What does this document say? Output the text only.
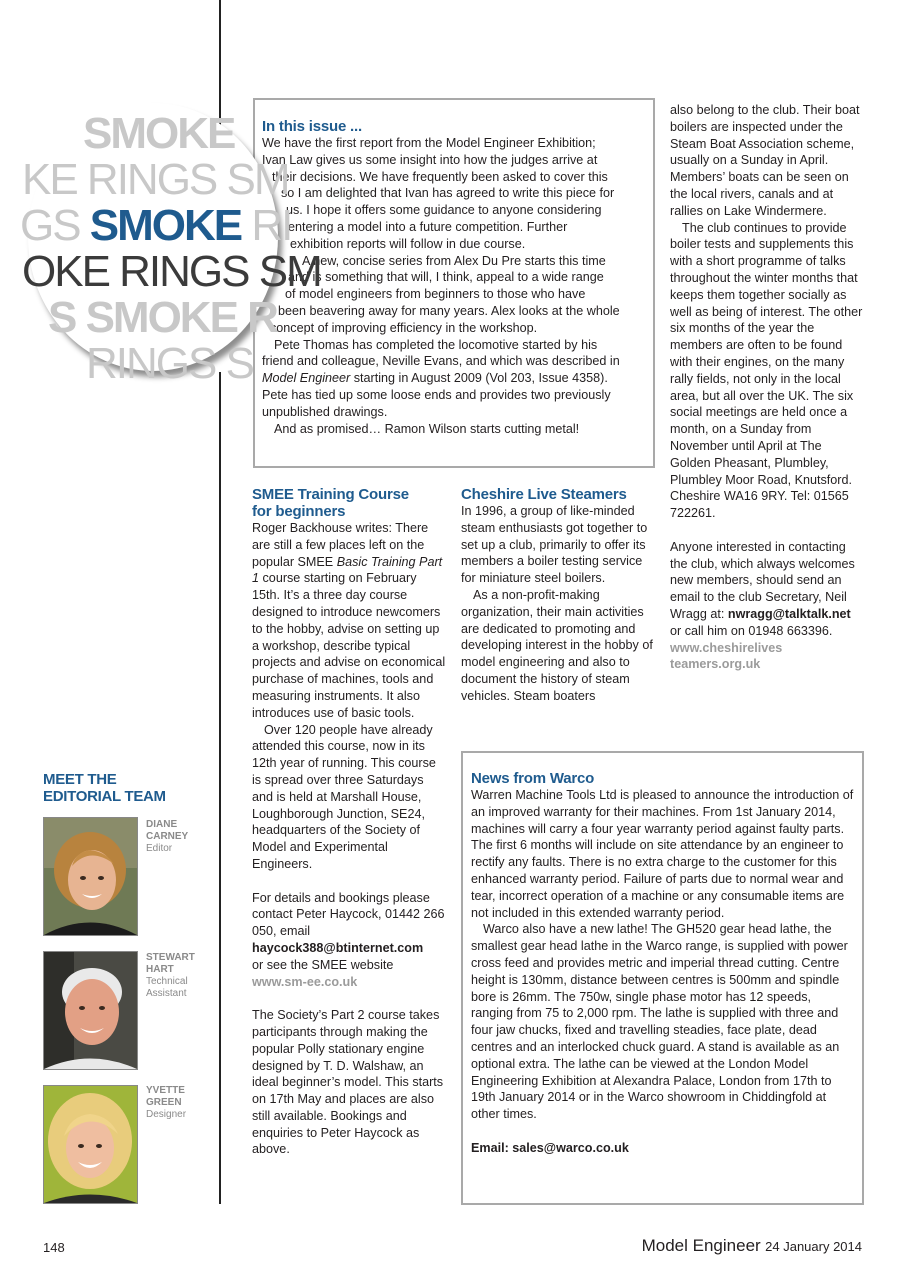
In this issue ...
We have the first report from the Model Engineer Exhibition;
Ivan Law gives us some insight into how the judges arrive at
their decisions. We have frequently been asked to cover this
so I am delighted that Ivan has agreed to write this piece for
us. I hope it offers some guidance to anyone considering
entering a model into a future competition. Further
exhibition reports will follow in due course.
A new, concise series from Alex Du Pre starts this time
and is something that will, I think, appeal to a wide range
of model engineers from beginners to those who have
been beavering away for many years. Alex looks at the whole
concept of improving efficiency in the workshop.
Pete Thomas has completed the locomotive started by his
friend and colleague, Neville Evans, and which was described in
Model Engineer starting in August 2009 (Vol 203, Issue 4358).
Pete has tied up some loose ends and provides two previously
unpublished drawings.
And as promised… Ramon Wilson starts cutting metal!
SMOKE
KE RINGS SM
GS SMOKE RI
OKE RINGS SM
S SMOKE R
RINGS S
SMEE Training Course
for beginners

Roger Backhouse writes: There are still a few places left on the popular SMEE Basic Training Part 1 course starting on February 15th. It’s a three day course designed to introduce newcomers to the hobby, advise on setting up a workshop, describe typical projects and advise on economical purchase of machines, tools and measuring instruments. It also introduces use of basic tools.

Over 120 people have already attended this course, now in its 12th year of running. This course is spread over three Saturdays and is held at Marshall House, Loughborough Junction, SE24, headquarters of the Society of Model and Experimental Engineers.

For details and bookings please contact Peter Haycock, 01442 266 050, email

haycock388@btinternet.com

or see the SMEE website

www.sm-ee.co.uk

The Society’s Part 2 course takes participants through making the popular Polly stationary engine designed by T. D. Walshaw, an ideal beginner’s model. This starts on 17th May and places are also still available. Bookings and enquiries to Peter Haycock as above.

Cheshire Live Steamers

In 1996, a group of like-minded steam enthusiasts got together to set up a club, primarily to offer its members a boiler testing service for miniature steel boilers.

As a non-profit-making organization, their main activities are dedicated to promoting and developing interest in the hobby of model engineering and also to document the history of steam vehicles. Steam boaters

also belong to the club. Their boat boilers are inspected under the Steam Boat Association scheme, usually on a Sunday in April. Members’ boats can be seen on the local rivers, canals and at rallies on Lake Windermere.

The club continues to provide boiler tests and supplements this with a short programme of talks throughout the winter months that keeps them together socially as well as being of interest. The other six months of the year the members are often to be found with their engines, on the many rally fields, not only in the local area, but all over the UK. The six social meetings are held once a month, on a Sunday from November until April at The Golden Pheasant, Plumbley, Plumbley Moor Road, Knutsford. Cheshire WA16 9RY. Tel: 01565 722261.

Anyone interested in contacting the club, which always welcomes new members, should send an email to the club Secretary, Neil Wragg at: nwragg@talktalk.net or call him on 01948 663396.

www.cheshirelives
teamers.org.uk

News from Warco

Warren Machine Tools Ltd is pleased to announce the introduction of an improved warranty for their machines. From 1st January 2014, machines will carry a four year warranty period against faulty parts. The first 6 months will include on site attendance by an engineer to rectify any faults. There is no extra charge to the customer for this enhanced warranty period. Failure of parts due to normal wear and tear, incorrect operation of a machine or any consumable items are not included in this extended warranty period.

Warco also have a new lathe! The GH520 gear head lathe, the smallest gear head lathe in the Warco range, is supplied with power cross feed and provides metric and imperial thread cutting. Centre height is 130mm, distance between centres is 500mm and spindle bore is 26mm. The 750w, single phase motor has 12 speeds, ranging from 75 to 2,000 rpm. The lathe is supplied with three and four jaw chucks, fixed and travelling steadies, face plate, dead centres and an interlocked chuck guard. A stand is available as an optional extra. The lathe can be viewed at the London Model Engineering Exhibition at Alexandra Palace, London from 17th to 19th January 2014 or in the Warco showroom in Chiddingfold at other times.

Email: sales@warco.co.uk

MEET THE
EDITORIAL TEAM
DIANE
CARNEY
Editor
STEWART
HART
Technical
Assistant
YVETTE
GREEN
Designer
148	Model Engineer 24 January 2014
